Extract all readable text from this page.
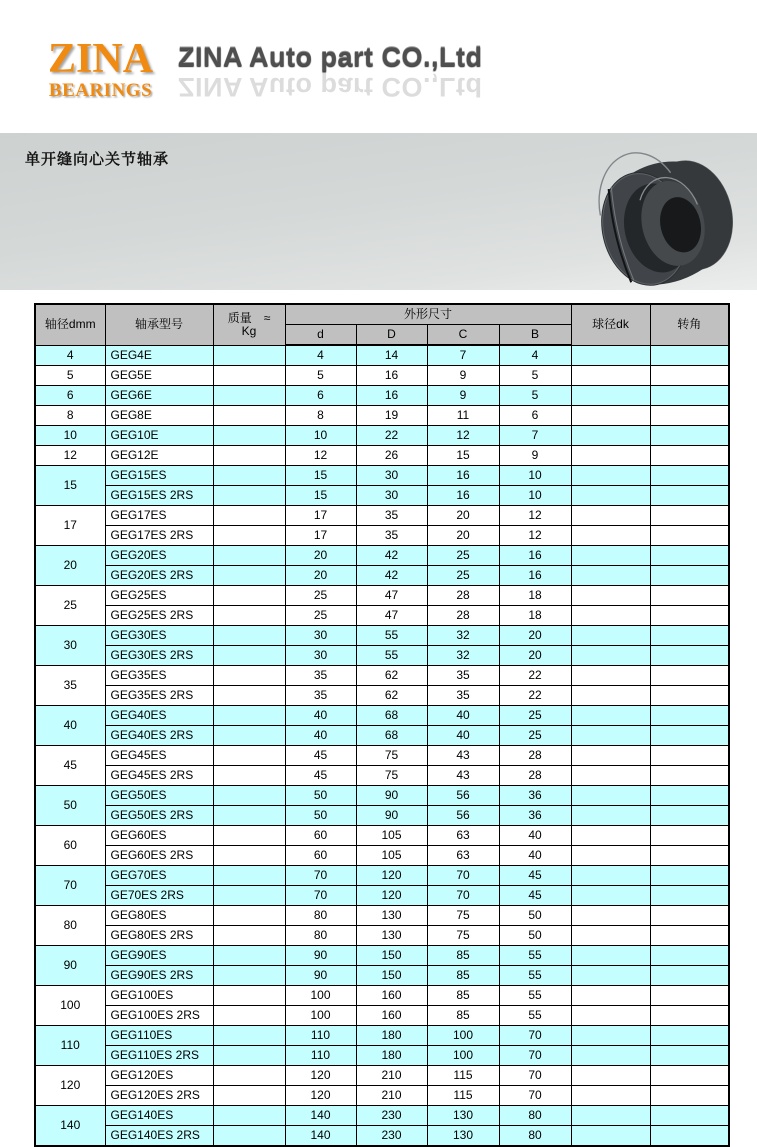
ZINA
BEARINGS
ZINA Auto part CO.,Ltd
ZINA Auto part CO.,Ltd
单开缝向心关节轴承
轴径dmm	轴承型号	质量　≈
Kg	外形尺寸				球径dk	转角
			d	D	C	B		
4	GEG4E		4	14	7	4		
5	GEG5E		5	16	9	5		
6	GEG6E		6	16	9	5		
8	GEG8E		8	19	11	6		
10	GEG10E		10	22	12	7		
12	GEG12E		12	26	15	9		
15	GEG15ES		15	30	16	10		
	GEG15ES 2RS		15	30	16	10		
17	GEG17ES		17	35	20	12		
	GEG17ES 2RS		17	35	20	12		
20	GEG20ES		20	42	25	16		
	GEG20ES 2RS		20	42	25	16		
25	GEG25ES		25	47	28	18		
	GEG25ES 2RS		25	47	28	18		
30	GEG30ES		30	55	32	20		
	GEG30ES 2RS		30	55	32	20		
35	GEG35ES		35	62	35	22		
	GEG35ES 2RS		35	62	35	22		
40	GEG40ES		40	68	40	25		
	GEG40ES 2RS		40	68	40	25		
45	GEG45ES		45	75	43	28		
	GEG45ES 2RS		45	75	43	28		
50	GEG50ES		50	90	56	36		
	GEG50ES 2RS		50	90	56	36		
60	GEG60ES		60	105	63	40		
	GEG60ES 2RS		60	105	63	40		
70	GEG70ES		70	120	70	45		
	GE70ES 2RS		70	120	70	45		
80	GEG80ES		80	130	75	50		
	GEG80ES 2RS		80	130	75	50		
90	GEG90ES		90	150	85	55		
	GEG90ES 2RS		90	150	85	55		
100	GEG100ES		100	160	85	55		
	GEG100ES 2RS		100	160	85	55		
110	GEG110ES		110	180	100	70		
	GEG110ES 2RS		110	180	100	70		
120	GEG120ES		120	210	115	70		
	GEG120ES 2RS		120	210	115	70		
140	GEG140ES		140	230	130	80		
	GEG140ES 2RS		140	230	130	80		
